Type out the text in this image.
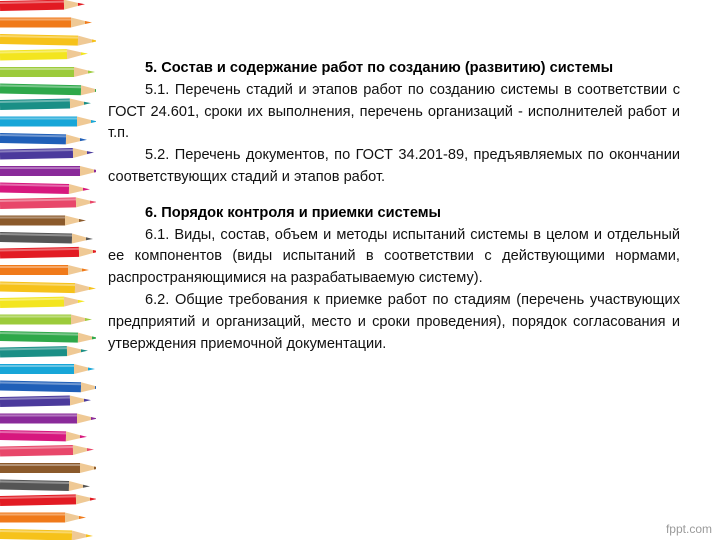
5. Состав и содержание работ по созданию (развитию) системы

5.1. Перечень стадий и этапов работ по созданию системы в соответствии с ГОСТ 24.601, сроки их выполнения, перечень организаций - исполнителей работ и т.п.

5.2. Перечень документов, по ГОСТ 34.201-89, предъявляемых по окончании соответствующих стадий и этапов работ.

6. Порядок контроля и приемки системы

6.1. Виды, состав, объем и методы испытаний системы в целом и отдельный ее компонентов (виды испытаний в соответствии с действующими нормами, распространяющимися на разрабатываемую систему).

6.2. Общие требования к приемке работ по стадиям (перечень участвующих предприятий и организаций, место и сроки проведения), порядок согласования и утверждения приемочной документации.

fppt.com
